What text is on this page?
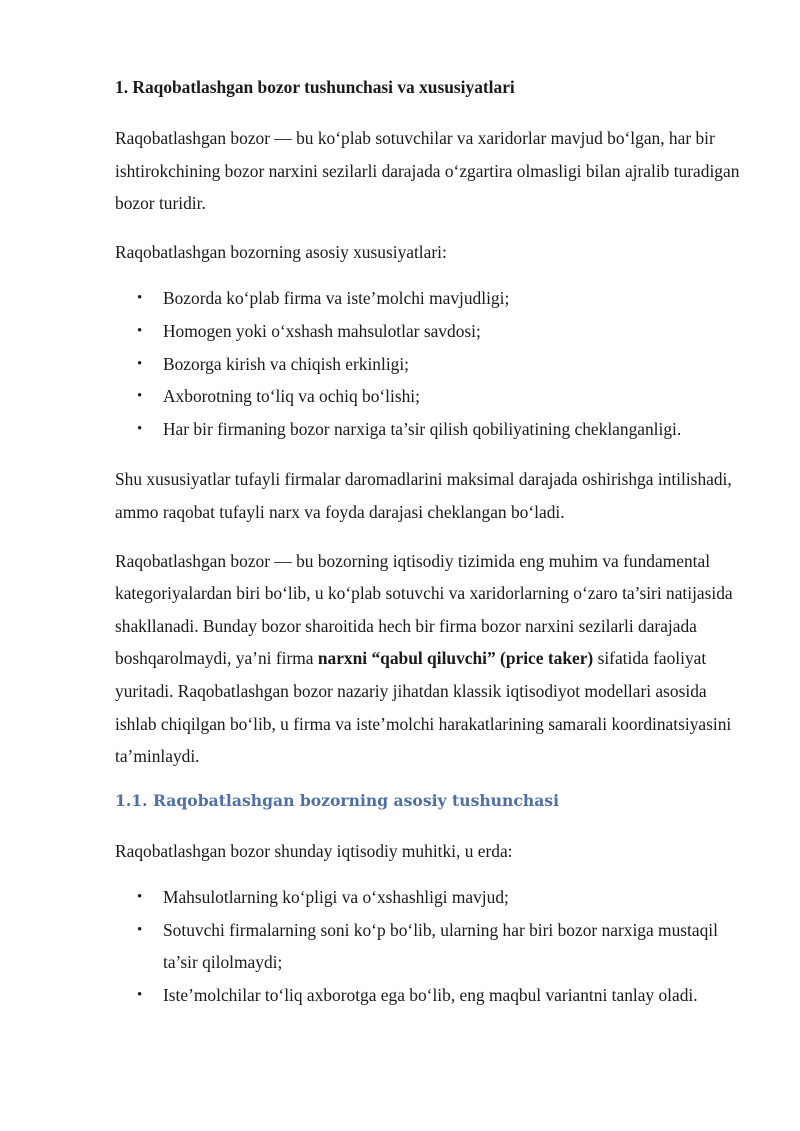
1. Raqobatlashgan bozor tushunchasi va xususiyatlari

Raqobatlashgan bozor — bu ko‘plab sotuvchilar va xaridorlar mavjud bo‘lgan, har bir ishtirokchining bozor narxini sezilarli darajada o‘zgartira olmasligi bilan ajralib turadigan bozor turidir.

Raqobatlashgan bozorning asosiy xususiyatlari:

• Bozorda ko‘plab firma va iste’molchi mavjudligi;
• Homogen yoki o‘xshash mahsulotlar savdosi;
• Bozorga kirish va chiqish erkinligi;
• Axborotning to‘liq va ochiq bo‘lishi;
• Har bir firmaning bozor narxiga ta’sir qilish qobiliyatining cheklanganligi.

Shu xususiyatlar tufayli firmalar daromadlarini maksimal darajada oshirishga intilishadi, ammo raqobat tufayli narx va foyda darajasi cheklangan bo‘ladi.

Raqobatlashgan bozor — bu bozorning iqtisodiy tizimida eng muhim va fundamental kategoriyalardan biri bo‘lib, u ko‘plab sotuvchi va xaridorlarning o‘zaro ta’siri natijasida shakllanadi. Bunday bozor sharoitida hech bir firma bozor narxini sezilarli darajada boshqarolmaydi, ya’ni firma narxni “qabul qiluvchi” (price taker) sifatida faoliyat yuritadi. Raqobatlashgan bozor nazariy jihatdan klassik iqtisodiyot modellari asosida ishlab chiqilgan bo‘lib, u firma va iste’molchi harakatlarining samarali koordinatsiyasini ta’minlaydi.

1.1. Raqobatlashgan bozorning asosiy tushunchasi

Raqobatlashgan bozor shunday iqtisodiy muhitki, u erda:

• Mahsulotlarning ko‘pligi va o‘xshashligi mavjud;
• Sotuvchi firmalarning soni ko‘p bo‘lib, ularning har biri bozor narxiga mustaqil ta’sir qilolmaydi;
• Iste’molchilar to‘liq axborotga ega bo‘lib, eng maqbul variantni tanlay oladi.
